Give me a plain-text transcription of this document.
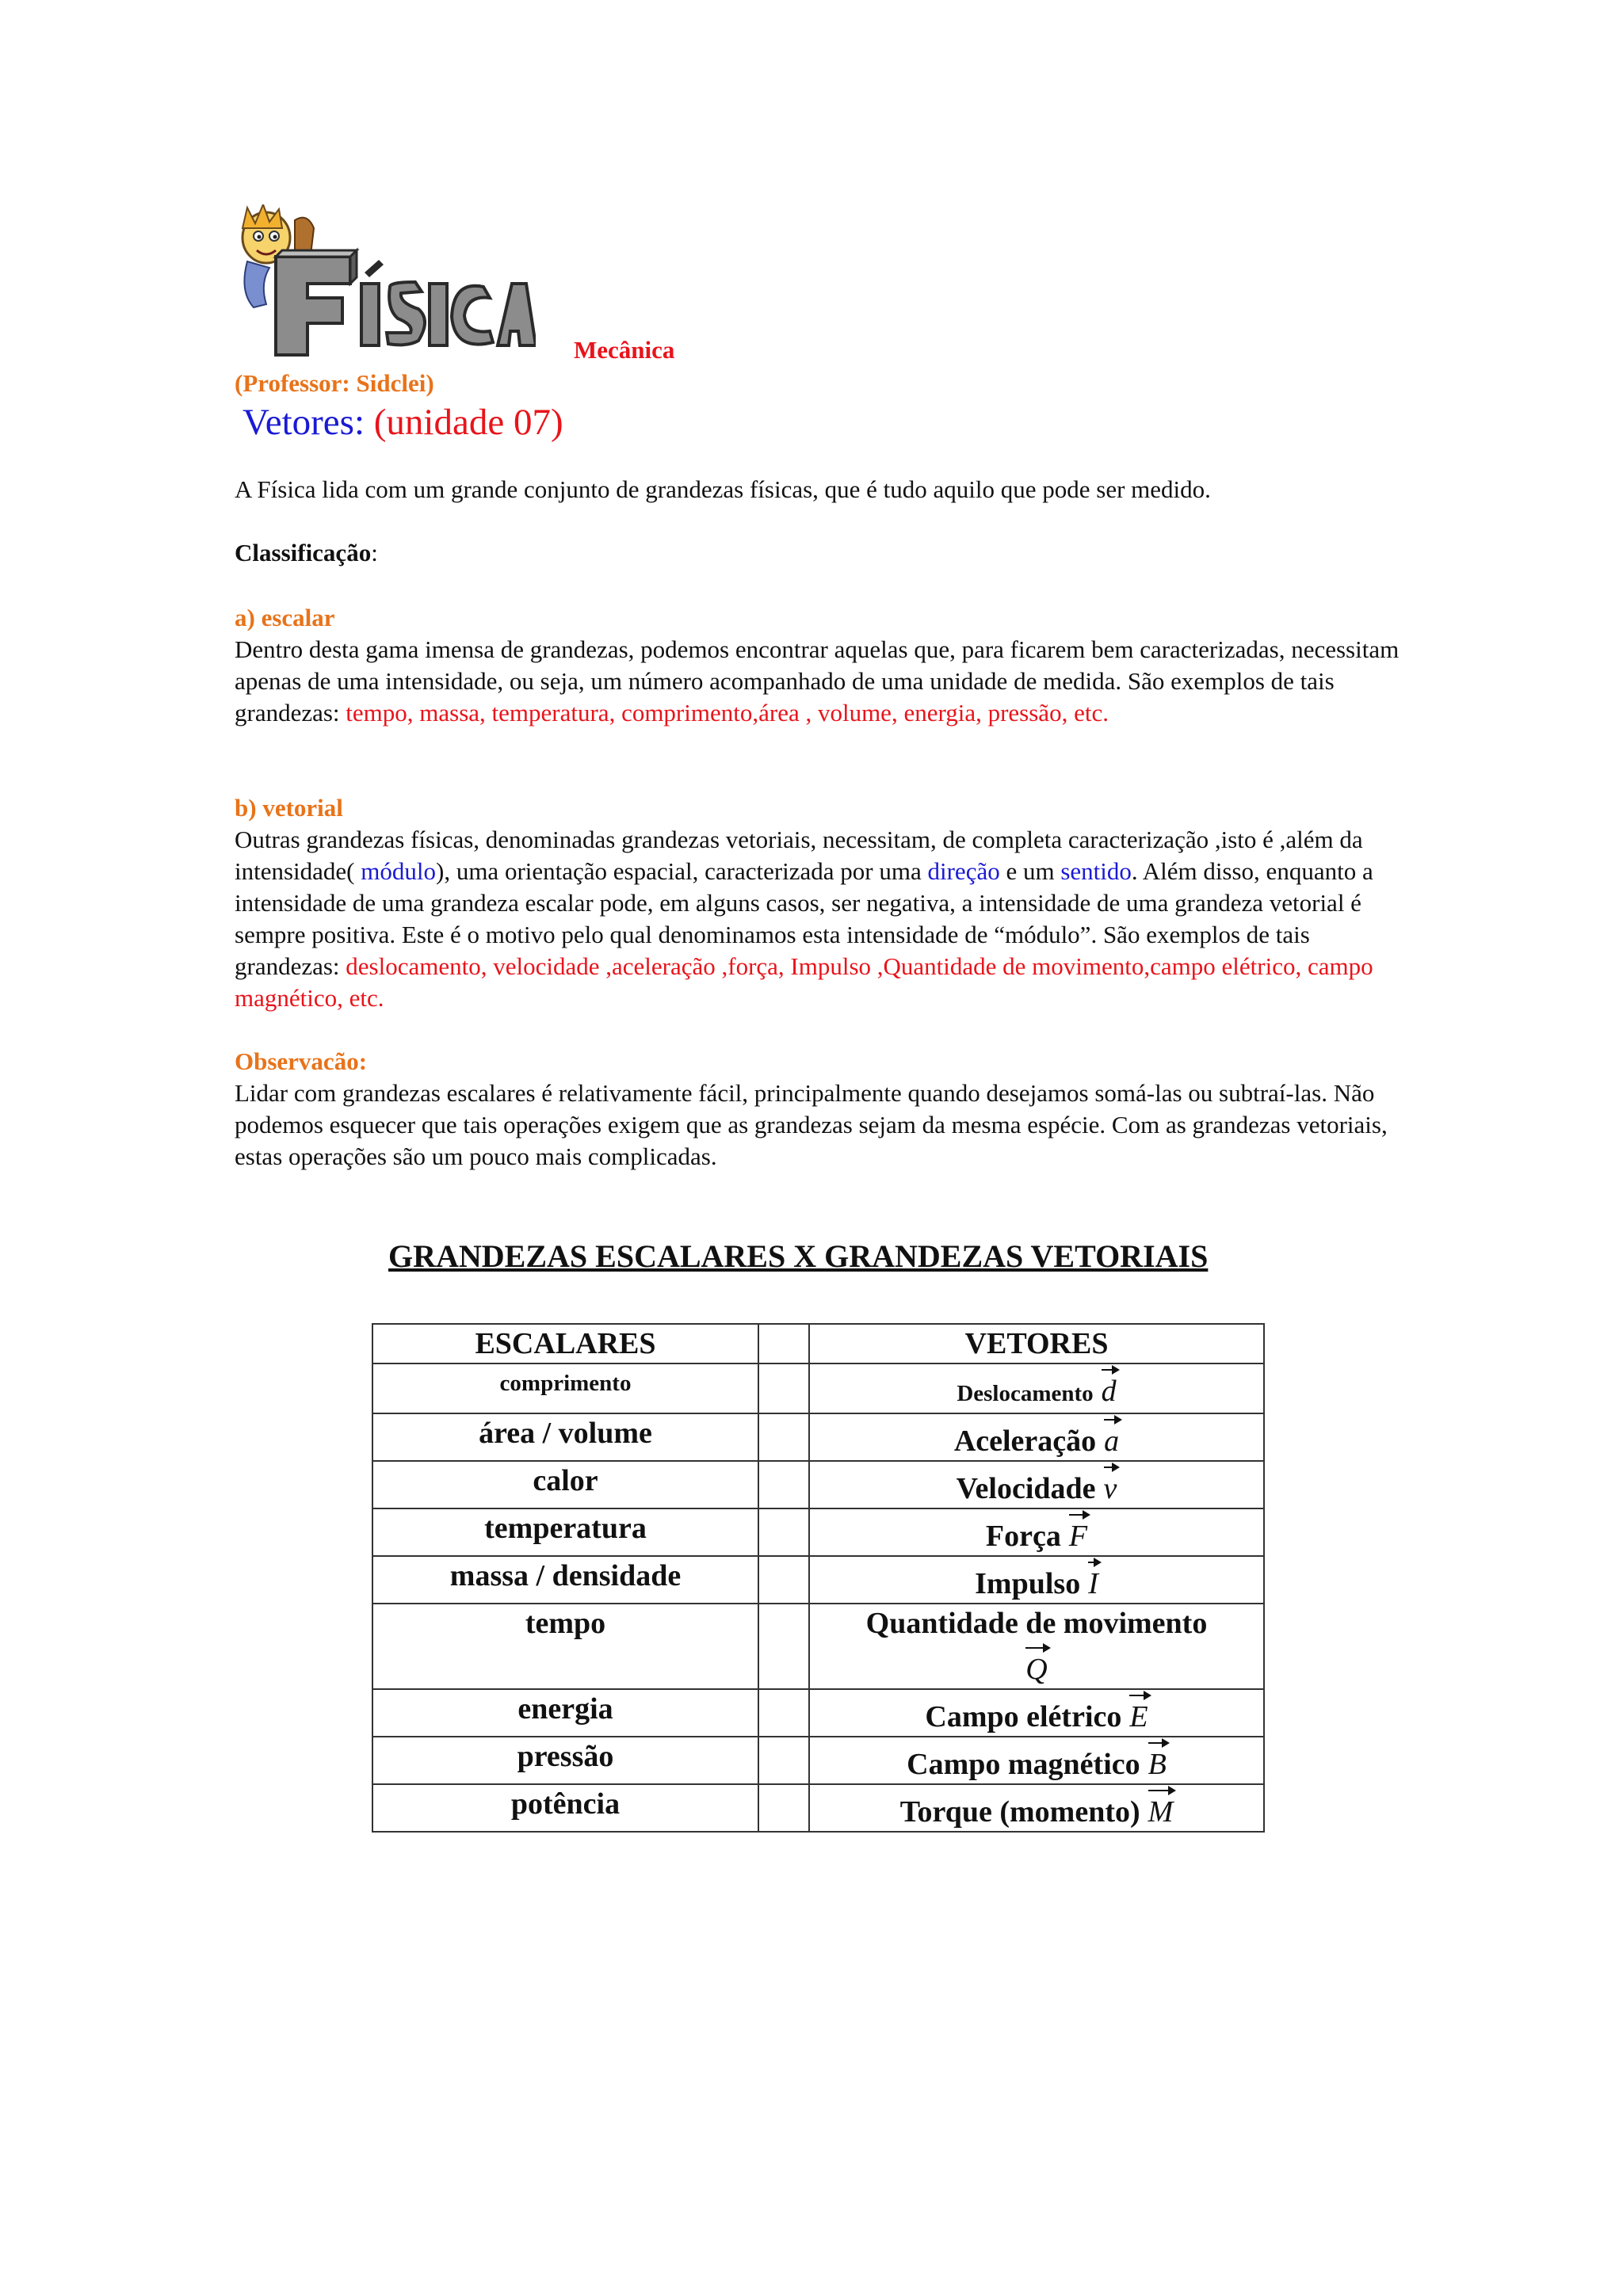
Mecânica
(Professor: Sidclei)
Vetores: (unidade 07)
A Física lida com um grande conjunto de grandezas físicas, que é tudo aquilo que pode ser medido.
Classificação:
a) escalar
Dentro desta gama imensa de grandezas, podemos encontrar aquelas que, para ficarem bem caracterizadas, necessitam apenas de uma intensidade, ou seja, um número acompanhado de uma unidade de medida. São exemplos de tais grandezas: tempo, massa, temperatura, comprimento,área , volume, energia, pressão, etc.
b) vetorial
Outras grandezas físicas, denominadas grandezas vetoriais, necessitam, de completa caracterização ,isto é ,além da intensidade( módulo), uma orientação espacial, caracterizada por uma direção e um sentido. Além disso, enquanto a intensidade de uma grandeza escalar pode, em alguns casos, ser negativa, a intensidade de uma grandeza vetorial é sempre positiva. Este é o motivo pelo qual denominamos esta intensidade de “módulo”. São exemplos de tais grandezas: deslocamento, velocidade ,aceleração ,força, Impulso ,Quantidade de movimento,campo elétrico, campo magnético, etc.
Observacão:
Lidar com grandezas escalares é relativamente fácil, principalmente quando desejamos somá-las ou subtraí-las. Não podemos esquecer que tais operações exigem que as grandezas sejam da mesma espécie. Com as grandezas vetoriais, estas operações são um pouco mais complicadas.
GRANDEZAS ESCALARES X GRANDEZAS VETORIAIS
ESCALARES		VETORES
comprimento		Deslocamento d
área / volume		Aceleração a
calor		Velocidade v
temperatura		Força F
massa / densidade		Impulso I
tempo		Quantidade de movimento
Q
energia		Campo elétrico E
pressão		Campo magnético B
potência		Torque (momento) M
